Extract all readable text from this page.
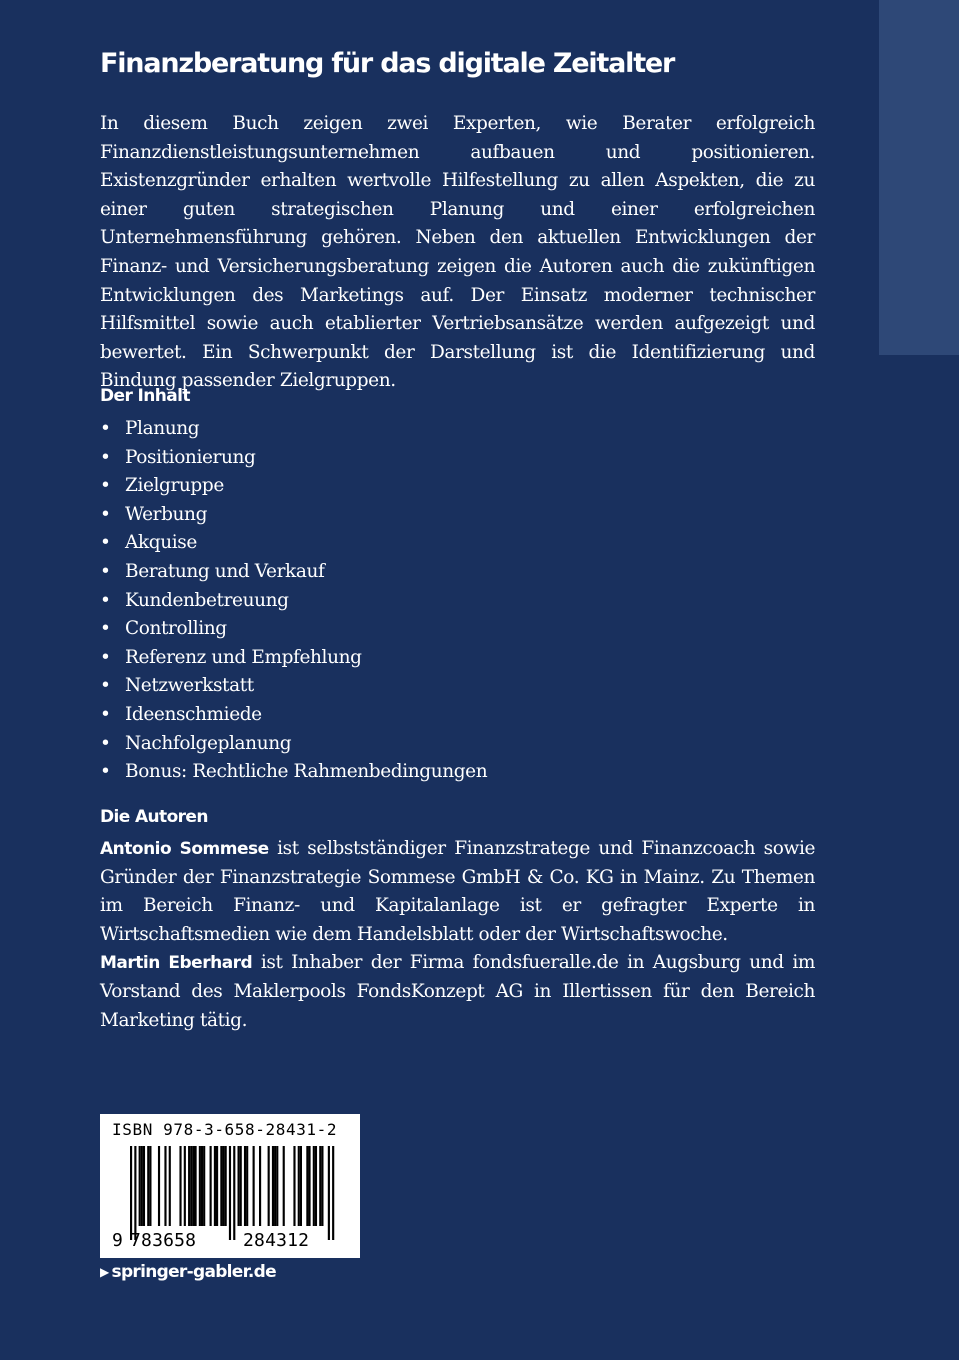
Finanzberatung für das digitale Zeitalter

In diesem Buch zeigen zwei Experten, wie Berater erfolgreich Finanzdienstleistungsunternehmen aufbauen und positionieren. Existenzgründer erhalten wertvolle Hilfestellung zu allen Aspekten, die zu einer guten strategischen Planung und einer erfolgreichen Unternehmensführung gehören. Neben den aktuellen Entwicklungen der Finanz- und Versicherungsberatung zeigen die Autoren auch die zukünftigen Entwicklungen des Marketings auf. Der Einsatz moderner technischer Hilfsmittel sowie auch etablierter Vertriebsansätze werden aufgezeigt und bewertet. Ein Schwerpunkt der Darstellung ist die Identifizierung und Bindung passender Zielgruppen.

Der Inhalt
• Planung
• Positionierung
• Zielgruppe
• Werbung
• Akquise
• Beratung und Verkauf
• Kundenbetreuung
• Controlling
• Referenz und Empfehlung
• Netzwerkstatt
• Ideenschmiede
• Nachfolgeplanung
• Bonus: Rechtliche Rahmenbedingungen
Die Autoren

Antonio Sommese ist selbstständiger Finanzstratege und Finanzcoach sowie Gründer der Finanzstrategie Sommese GmbH & Co. KG in Mainz. Zu Themen im Bereich Finanz- und Kapitalanlage ist er gefragter Experte in Wirtschaftsmedien wie dem Handelsblatt oder der Wirtschaftswoche.
Martin Eberhard ist Inhaber der Firma fondsfueralle.de in Augsburg und im Vorstand des Maklerpools FondsKonzept AG in Illertissen für den Bereich Marketing tätig.

ISBN 978-3-658-28431-2
9 783658	284312
▶ springer-gabler.de
